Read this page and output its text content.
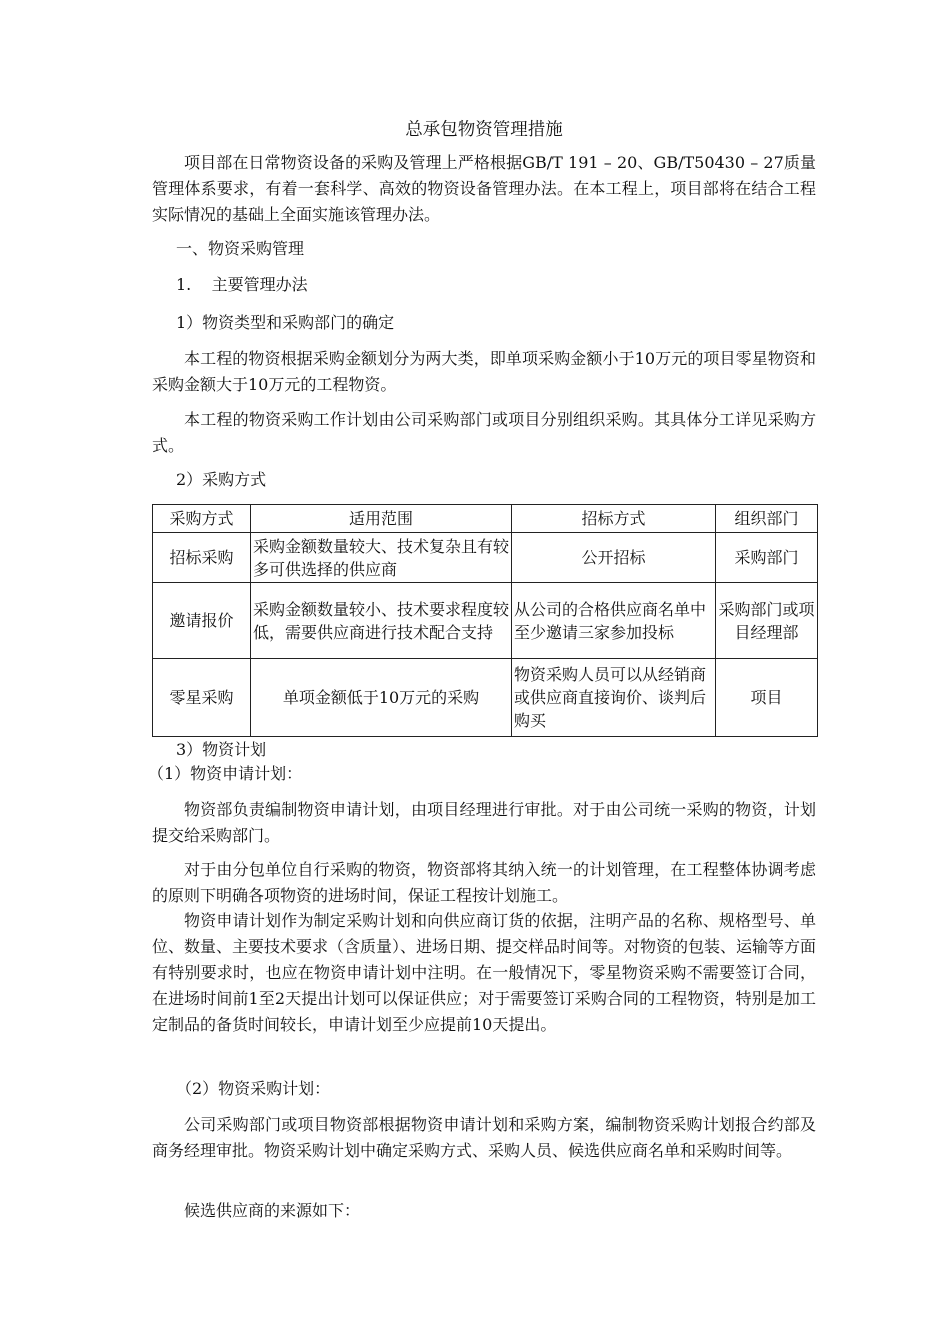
总承包物资管理措施
项目部在日常物资设备的采购及管理上严格根据GB/T 191 – 20、GB/T50430 – 27质量管理体系要求，有着一套科学、高效的物资设备管理办法。在本工程上，项目部将在结合工程实际情况的基础上全面实施该管理办法。
一、物资采购管理
1.    主要管理办法
1）物资类型和采购部门的确定
本工程的物资根据采购金额划分为两大类，即单项采购金额小于10万元的项目零星物资和采购金额大于10万元的工程物资。
本工程的物资采购工作计划由公司采购部门或项目分别组织采购。其具体分工详见采购方式。
2）采购方式
采购方式	适用范围	招标方式	组织部门
招标采购	采购金额数量较大、技术复杂且有较多可供选择的供应商	公开招标	采购部门
邀请报价	采购金额数量较小、技术要求程度较低，需要供应商进行技术配合支持	从公司的合格供应商名单中至少邀请三家参加投标	采购部门或项目经理部
零星采购	单项金额低于10万元的采购	物资采购人员可以从经销商或供应商直接询价、谈判后购买	项目
3）物资计划
（1）物资申请计划：
物资部负责编制物资申请计划，由项目经理进行审批。对于由公司统一采购的物资，计划提交给采购部门。
对于由分包单位自行采购的物资，物资部将其纳入统一的计划管理，在工程整体协调考虑的原则下明确各项物资的进场时间，保证工程按计划施工。
物资申请计划作为制定采购计划和向供应商订货的依据，注明产品的名称、规格型号、单位、数量、主要技术要求（含质量）、进场日期、提交样品时间等。对物资的包装、运输等方面有特别要求时，也应在物资申请计划中注明。在一般情况下，零星物资采购不需要签订合同，在进场时间前1至2天提出计划可以保证供应；对于需要签订采购合同的工程物资，特别是加工定制品的备货时间较长，申请计划至少应提前10天提出。
（2）物资采购计划：
公司采购部门或项目物资部根据物资申请计划和采购方案，编制物资采购计划报合约部及商务经理审批。物资采购计划中确定采购方式、采购人员、候选供应商名单和采购时间等。
候选供应商的来源如下：
